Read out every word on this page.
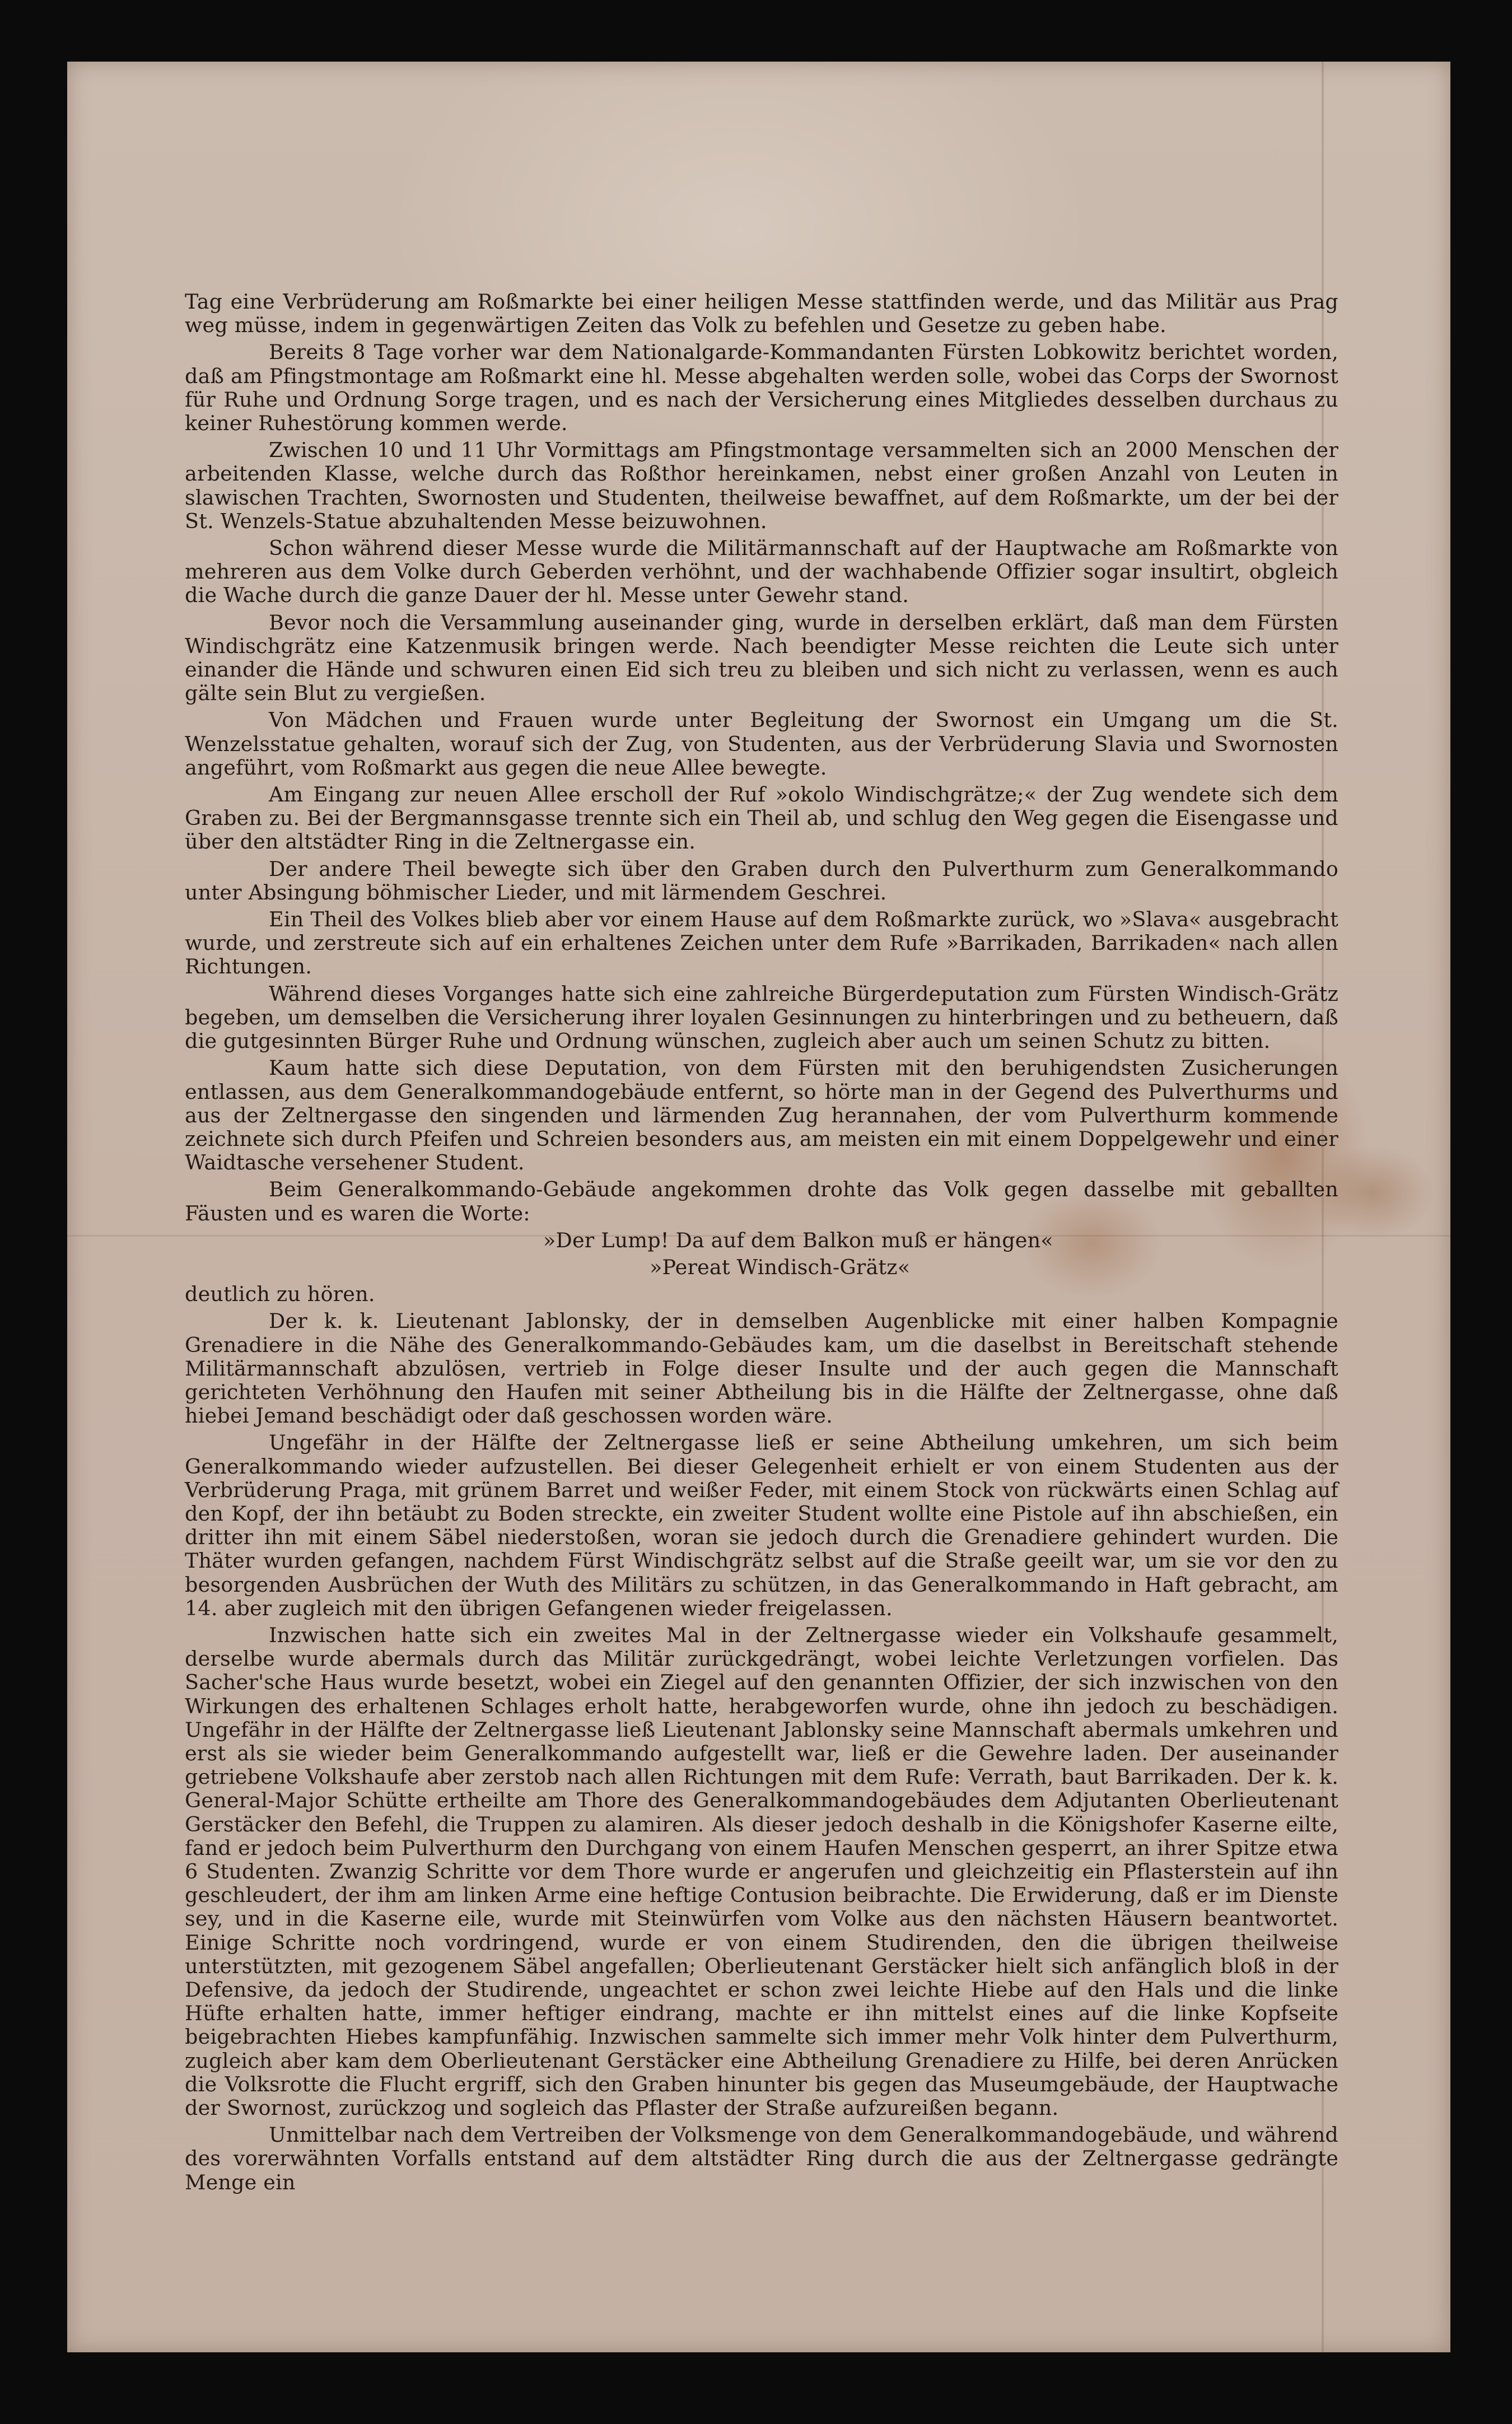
Tag eine Verbrüderung am Roßmarkte bei einer heiligen Messe stattfinden werde, und das Militär aus Prag weg müsse, indem in gegenwärtigen Zeiten das Volk zu befehlen und Gesetze zu geben habe.

Bereits 8 Tage vorher war dem Nationalgarde-Kommandanten Fürsten Lobkowitz berichtet worden, daß am Pfingstmontage am Roßmarkt eine hl. Messe abgehalten werden solle, wobei das Corps der Swornost für Ruhe und Ordnung Sorge tragen, und es nach der Versicherung eines Mitgliedes desselben durchaus zu keiner Ruhestörung kommen werde.

Zwischen 10 und 11 Uhr Vormittags am Pfingstmontage versammelten sich an 2000 Menschen der arbeitenden Klasse, welche durch das Roßthor hereinkamen, nebst einer großen Anzahl von Leuten in slawischen Trachten, Swornosten und Studenten, theilweise bewaffnet, auf dem Roßmarkte, um der bei der St. Wenzels-Statue abzuhaltenden Messe beizuwohnen.

Schon während dieser Messe wurde die Militärmannschaft auf der Hauptwache am Roßmarkte von mehreren aus dem Volke durch Geberden verhöhnt, und der wachhabende Offizier sogar insultirt, obgleich die Wache durch die ganze Dauer der hl. Messe unter Gewehr stand.

Bevor noch die Versammlung auseinander ging, wurde in derselben erklärt, daß man dem Fürsten Windischgrätz eine Katzenmusik bringen werde. Nach beendigter Messe reichten die Leute sich unter einander die Hände und schwuren einen Eid sich treu zu bleiben und sich nicht zu verlassen, wenn es auch gälte sein Blut zu vergießen.

Von Mädchen und Frauen wurde unter Begleitung der Swornost ein Umgang um die St. Wenzelsstatue gehalten, worauf sich der Zug, von Studenten, aus der Verbrüderung Slavia und Swornosten angeführt, vom Roßmarkt aus gegen die neue Allee bewegte.

Am Eingang zur neuen Allee erscholl der Ruf »okolo Windischgrätze;« der Zug wendete sich dem Graben zu. Bei der Bergmannsgasse trennte sich ein Theil ab, und schlug den Weg gegen die Eisengasse und über den altstädter Ring in die Zeltnergasse ein.

Der andere Theil bewegte sich über den Graben durch den Pulverthurm zum Generalkommando unter Absingung böhmischer Lieder, und mit lärmendem Geschrei.

Ein Theil des Volkes blieb aber vor einem Hause auf dem Roßmarkte zurück, wo »Slava« ausgebracht wurde, und zerstreute sich auf ein erhaltenes Zeichen unter dem Rufe »Barrikaden, Barrikaden« nach allen Richtungen.

Während dieses Vorganges hatte sich eine zahlreiche Bürgerdeputation zum Fürsten Windisch-Grätz begeben, um demselben die Versicherung ihrer loyalen Gesinnungen zu hinterbringen und zu betheuern, daß die gutgesinnten Bürger Ruhe und Ordnung wünschen, zugleich aber auch um seinen Schutz zu bitten.

Kaum hatte sich diese Deputation, von dem Fürsten mit den beruhigendsten Zusicherungen entlassen, aus dem Generalkommandogebäude entfernt, so hörte man in der Gegend des Pulverthurms und aus der Zeltnergasse den singenden und lärmenden Zug herannahen, der vom Pulverthurm kommende zeichnete sich durch Pfeifen und Schreien besonders aus, am meisten ein mit einem Doppelgewehr und einer Waidtasche versehener Student.

Beim Generalkommando-Gebäude angekommen drohte das Volk gegen dasselbe mit geballten Fäusten und es waren die Worte:

»Der Lump! Da auf dem Balkon muß er hängen«

»Pereat Windisch-Grätz«

deutlich zu hören.

Der k. k. Lieutenant Jablonsky, der in demselben Augenblicke mit einer halben Kompagnie Grenadiere in die Nähe des Generalkommando-Gebäudes kam, um die daselbst in Bereitschaft stehende Militärmannschaft abzulösen, vertrieb in Folge dieser Insulte und der auch gegen die Mannschaft gerichteten Verhöhnung den Haufen mit seiner Abtheilung bis in die Hälfte der Zeltnergasse, ohne daß hiebei Jemand beschädigt oder daß geschossen worden wäre.

Ungefähr in der Hälfte der Zeltnergasse ließ er seine Abtheilung umkehren, um sich beim Generalkommando wieder aufzustellen. Bei dieser Gelegenheit erhielt er von einem Studenten aus der Verbrüderung Praga, mit grünem Barret und weißer Feder, mit einem Stock von rückwärts einen Schlag auf den Kopf, der ihn betäubt zu Boden streckte, ein zweiter Student wollte eine Pistole auf ihn abschießen, ein dritter ihn mit einem Säbel niederstoßen, woran sie jedoch durch die Grenadiere gehindert wurden. Die Thäter wurden gefangen, nachdem Fürst Windischgrätz selbst auf die Straße geeilt war, um sie vor den zu besorgenden Ausbrüchen der Wuth des Militärs zu schützen, in das Generalkommando in Haft gebracht, am 14. aber zugleich mit den übrigen Gefangenen wieder freigelassen.

Inzwischen hatte sich ein zweites Mal in der Zeltnergasse wieder ein Volkshaufe gesammelt, derselbe wurde abermals durch das Militär zurückgedrängt, wobei leichte Verletzungen vorfielen. Das Sacher'sche Haus wurde besetzt, wobei ein Ziegel auf den genannten Offizier, der sich inzwischen von den Wirkungen des erhaltenen Schlages erholt hatte, herabgeworfen wurde, ohne ihn jedoch zu beschädigen. Ungefähr in der Hälfte der Zeltnergasse ließ Lieutenant Jablonsky seine Mannschaft abermals umkehren und erst als sie wieder beim Generalkommando aufgestellt war, ließ er die Gewehre laden. Der auseinander getriebene Volkshaufe aber zerstob nach allen Richtungen mit dem Rufe: Verrath, baut Barrikaden. Der k. k. General-Major Schütte ertheilte am Thore des Generalkommandogebäudes dem Adjutanten Oberlieutenant Gerstäcker den Befehl, die Truppen zu alamiren. Als dieser jedoch deshalb in die Königshofer Kaserne eilte, fand er jedoch beim Pulverthurm den Durchgang von einem Haufen Menschen gesperrt, an ihrer Spitze etwa 6 Studenten. Zwanzig Schritte vor dem Thore wurde er angerufen und gleichzeitig ein Pflasterstein auf ihn geschleudert, der ihm am linken Arme eine heftige Contusion beibrachte. Die Erwiderung, daß er im Dienste sey, und in die Kaserne eile, wurde mit Steinwürfen vom Volke aus den nächsten Häusern beantwortet. Einige Schritte noch vordringend, wurde er von einem Studirenden, den die übrigen theilweise unterstützten, mit gezogenem Säbel angefallen; Oberlieutenant Gerstäcker hielt sich anfänglich bloß in der Defensive, da jedoch der Studirende, ungeachtet er schon zwei leichte Hiebe auf den Hals und die linke Hüfte erhalten hatte, immer heftiger eindrang, machte er ihn mittelst eines auf die linke Kopfseite beigebrachten Hiebes kampfunfähig. Inzwischen sammelte sich immer mehr Volk hinter dem Pulverthurm, zugleich aber kam dem Oberlieutenant Gerstäcker eine Abtheilung Grenadiere zu Hilfe, bei deren Anrücken die Volksrotte die Flucht ergriff, sich den Graben hinunter bis gegen das Museumgebäude, der Hauptwache der Swornost, zurückzog und sogleich das Pflaster der Straße aufzureißen begann.

Unmittelbar nach dem Vertreiben der Volksmenge von dem Generalkommandogebäude, und während des vorerwähnten Vorfalls entstand auf dem altstädter Ring durch die aus der Zeltnergasse gedrängte Menge ein
